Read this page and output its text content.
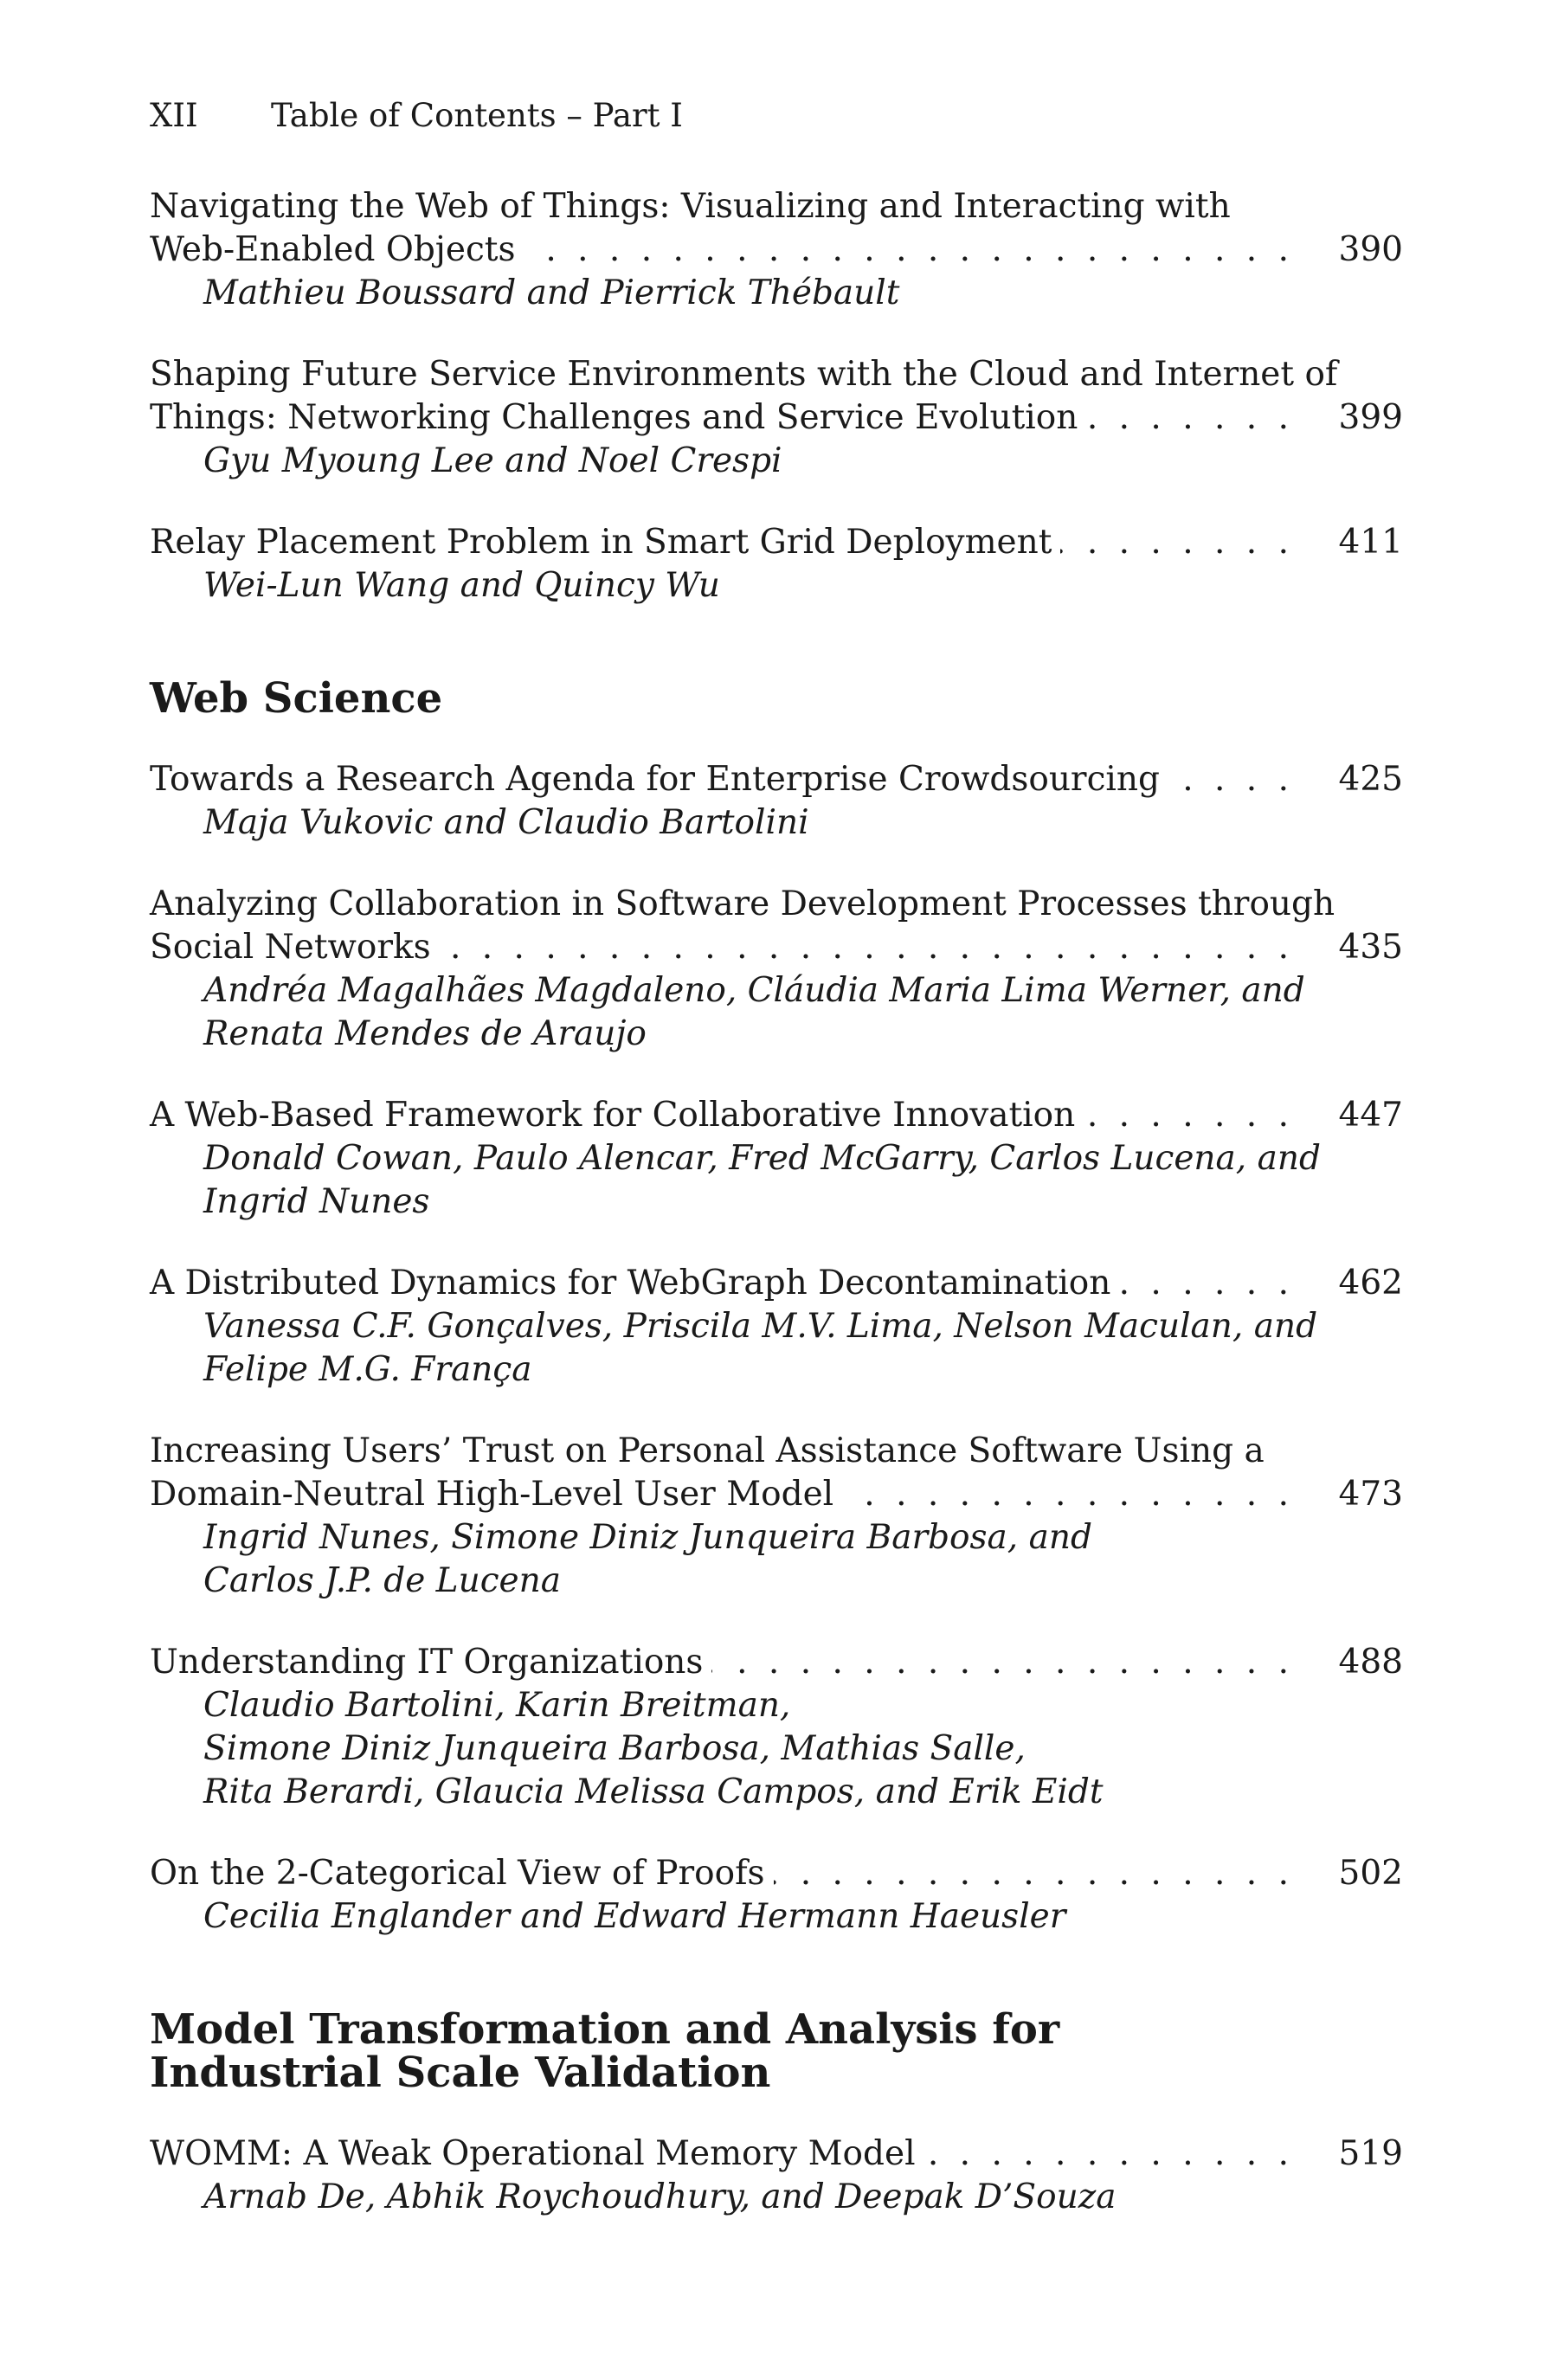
XII Table of Contents – Part I
Navigating the Web of Things: Visualizing and Interacting with
Web-Enabled Objects . . .	390
Mathieu Boussard and Pierrick Thébault
Shaping Future Service Environments with the Cloud and Internet of
Things: Networking Challenges and Service Evolution . . .	399
Gyu Myoung Lee and Noel Crespi
Relay Placement Problem in Smart Grid Deployment . . .	411
Wei-Lun Wang and Quincy Wu
Web Science
Towards a Research Agenda for Enterprise Crowdsourcing . . .	425
Maja Vukovic and Claudio Bartolini
Analyzing Collaboration in Software Development Processes through
Social Networks . . .	435
Andréa Magalhães Magdaleno, Cláudia Maria Lima Werner, and
Renata Mendes de Araujo
A Web-Based Framework for Collaborative Innovation . . .	447
Donald Cowan, Paulo Alencar, Fred McGarry, Carlos Lucena, and
Ingrid Nunes
A Distributed Dynamics for WebGraph Decontamination . . .	462
Vanessa C.F. Gonçalves, Priscila M.V. Lima, Nelson Maculan, and
Felipe M.G. França
Increasing Users’ Trust on Personal Assistance Software Using a
Domain-Neutral High-Level User Model . . .	473
Ingrid Nunes, Simone Diniz Junqueira Barbosa, and
Carlos J.P. de Lucena
Understanding IT Organizations . . .	488
Claudio Bartolini, Karin Breitman,
Simone Diniz Junqueira Barbosa, Mathias Salle,
Rita Berardi, Glaucia Melissa Campos, and Erik Eidt
On the 2-Categorical View of Proofs . . .	502
Cecilia Englander and Edward Hermann Haeusler
Model Transformation and Analysis for Industrial Scale Validation
WOMM: A Weak Operational Memory Model . . .	519
Arnab De, Abhik Roychoudhury, and Deepak D’Souza
